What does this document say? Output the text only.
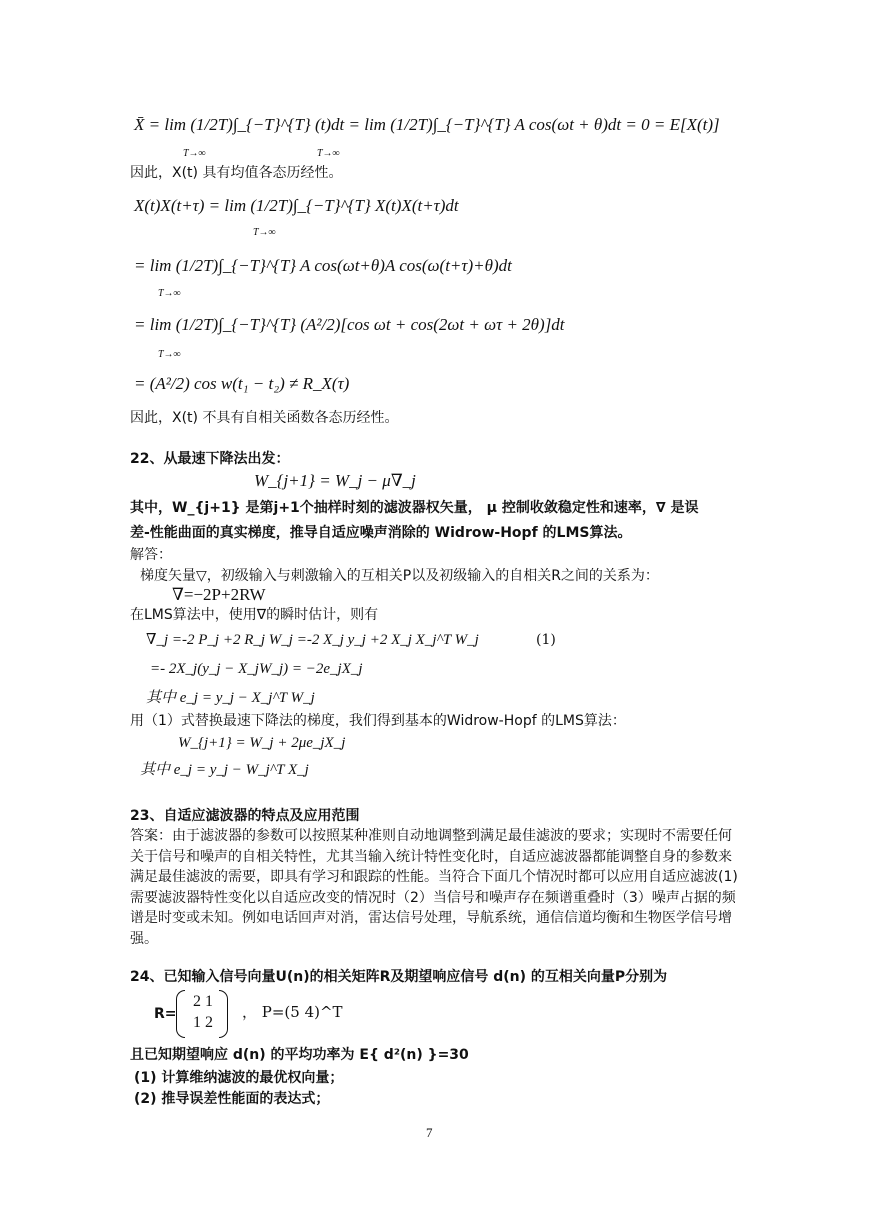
X̄ = lim (1/2T)∫_{−T}^{T} (t)dt = lim (1/2T)∫_{−T}^{T} A cos(ωt + θ)dt = 0 = E[X(t)]
T→∞	T→∞
因此，X(t) 具有均值各态历经性。
X(t)X(t+τ) = lim (1/2T)∫_{−T}^{T} X(t)X(t+τ)dt
T→∞
= lim (1/2T)∫_{−T}^{T} A cos(ωt+θ)A cos(ω(t+τ)+θ)dt
T→∞
= lim (1/2T)∫_{−T}^{T} (A²/2)[cos ωt + cos(2ωt + ωτ + 2θ)]dt
T→∞
= (A²/2) cos w(t₁ − t₂) ≠ R_X(τ)
因此，X(t) 不具有自相关函数各态历经性。
22、从最速下降法出发：
W_{j+1} = W_j − μ∇_j
其中，W_{j+1} 是第j+1个抽样时刻的滤波器权矢量， μ 控制收敛稳定性和速率，∇ 是误
差-性能曲面的真实梯度，推导自适应噪声消除的 Widrow-Hopf 的LMS算法。
解答：
梯度矢量▽，初级输入与刺激输入的互相关P以及初级输入的自相关R之间的关系为：
∇=−2P+2RW
在LMS算法中，使用∇的瞬时估计，则有
∇_j =-2 P_j +2 R_j W_j =-2 X_j y_j +2 X_j X_j^T W_j	(1)
=- 2X_j(y_j − X_jW_j) = −2e_jX_j
其中 e_j = y_j − X_j^T W_j
用（1）式替换最速下降法的梯度，我们得到基本的Widrow-Hopf 的LMS算法：
W_{j+1} = W_j + 2μe_jX_j
其中 e_j = y_j − W_j^T X_j
23、自适应滤波器的特点及应用范围
答案：由于滤波器的参数可以按照某种准则自动地调整到满足最佳滤波的要求；实现时不需要任何关于信号和噪声的自相关特性，尤其当输入统计特性变化时，自适应滤波器都能调整自身的参数来满足最佳滤波的需要，即具有学习和跟踪的性能。当符合下面几个情况时都可以应用自适应滤波(1)需要滤波器特性变化以自适应改变的情况时（2）当信号和噪声存在频谱重叠时（3）噪声占据的频谱是时变或未知。例如电话回声对消，雷达信号处理，导航系统，通信信道均衡和生物医学信号增强。
24、已知输入信号向量U(n)的相关矩阵R及期望响应信号 d(n) 的互相关向量P分别为
R=
2 1
1 2
， P=(5 4)^T
且已知期望响应 d(n) 的平均功率为 E{ d²(n) }=30
(1) 计算维纳滤波的最优权向量；
(2) 推导误差性能面的表达式；
7
